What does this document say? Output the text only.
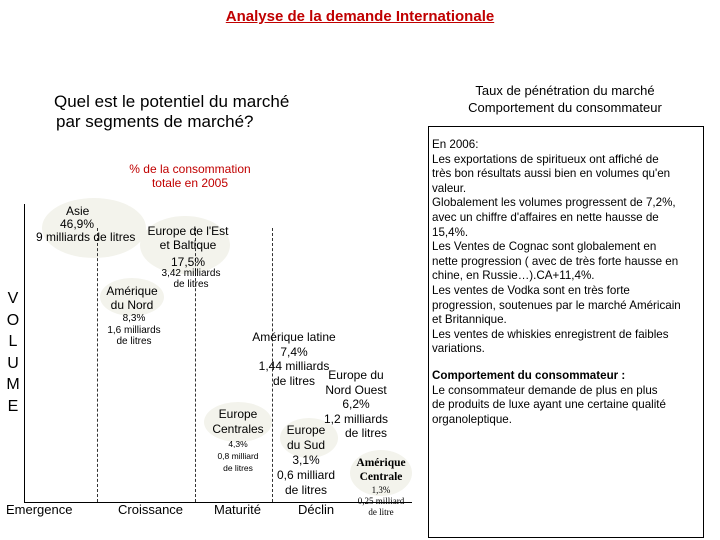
Analyse de la demande Internationale
Quel est le potentiel du marché
par segments de marché?
Taux de pénétration du marché
Comportement du consommateur

En 2006:

Les exportations de spiritueux ont affiché de

très bon résultats aussi bien en volumes qu'en

valeur.

Globalement les volumes progressent de 7,2%,

avec un chiffre d'affaires en nette hausse de

15,4%.

Les Ventes de Cognac sont globalement en

nette progression ( avec de très forte hausse en

chine, en Russie…).CA+11,4%.

Les ventes de Vodka sont en très forte

progression, soutenues par le marché Américain

et Britannique.

Les ventes de whiskies enregistrent de faibles

variations.

Comportement du consommateur :

Le consommateur demande de plus en plus

de produits de luxe ayant une certaine qualité

organoleptique.

% de la consommation
totale en 2005
V
O
L
U
M
E
Asie
46,9%
9 milliards de litres	Europe de l'Est
et Baltique
17,5%
3,42 milliards
de litres
Amérique
du Nord
8,3%
1,6 milliards
de litres	Amérique latine
7,4%
1,44 milliards
de litres	Europe du
Nord Ouest
6,2%
1,2 milliards
de litres
Europe
Centrales
4,3%
0,8 milliard
de litres
Europe
du Sud
3,1%
0,6 milliard
de litres
Amérique
Centrale
1,3%
0,25 milliard
de litre
Emergence	Croissance Maturité	Déclin
